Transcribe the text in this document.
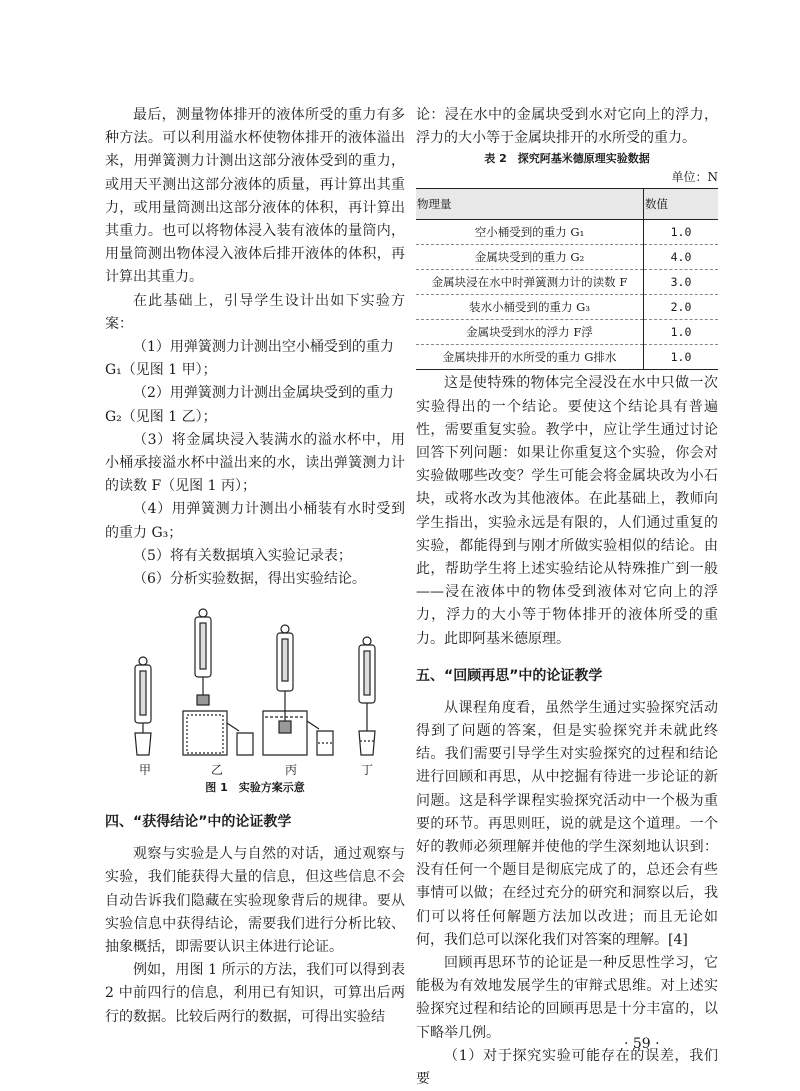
最后，测量物体排开的液体所受的重力有多种方法。可以利用溢水杯使物体排开的液体溢出来，用弹簧测力计测出这部分液体受到的重力，或用天平测出这部分液体的质量，再计算出其重力，或用量筒测出这部分液体的体积，再计算出其重力。也可以将物体浸入装有液体的量筒内，用量筒测出物体浸入液体后排开液体的体积，再计算出其重力。

在此基础上，引导学生设计出如下实验方案：

（1）用弹簧测力计测出空小桶受到的重力
G₁（见图 1 甲）；

（2）用弹簧测力计测出金属块受到的重力
G₂（见图 1 乙）；

（3）将金属块浸入装满水的溢水杯中，用小桶承接溢水杯中溢出来的水，读出弹簧测力计的读数 F（见图 1 丙）；

（4）用弹簧测力计测出小桶装有水时受到的重力 G₃；

（5）将有关数据填入实验记录表；

（6）分析实验数据，得出实验结论。

甲	乙	丙	丁
图 1　实验方案示意
四、“获得结论”中的论证教学

观察与实验是人与自然的对话，通过观察与实验，我们能获得大量的信息，但这些信息不会自动告诉我们隐藏在实验现象背后的规律。要从实验信息中获得结论，需要我们进行分析比较、抽象概括，即需要认识主体进行论证。

例如，用图 1 所示的方法，我们可以得到表 2 中前四行的信息，利用已有知识，可算出后两行的数据。比较后两行的数据，可得出实验结

论：浸在水中的金属块受到水对它向上的浮力，浮力的大小等于金属块排开的水所受的重力。

表 2　探究阿基米德原理实验数据
单位：N
物理量	数值
空小桶受到的重力 G₁	1.0
金属块受到的重力 G₂	4.0
金属块浸在水中时弹簧测力计的读数 F	3.0
装水小桶受到的重力 G₃	2.0
金属块受到水的浮力 F浮	1.0
金属块排开的水所受的重力 G排水	1.0

这是使特殊的物体完全浸没在水中只做一次实验得出的一个结论。要使这个结论具有普遍性，需要重复实验。教学中，应让学生通过讨论回答下列问题：如果让你重复这个实验，你会对实验做哪些改变？学生可能会将金属块改为小石块，或将水改为其他液体。在此基础上，教师向学生指出，实验永远是有限的，人们通过重复的实验，都能得到与刚才所做实验相似的结论。由此，帮助学生将上述实验结论从特殊推广到一般——浸在液体中的物体受到液体对它向上的浮力，浮力的大小等于物体排开的液体所受的重力。此即阿基米德原理。

五、“回顾再思”中的论证教学

从课程角度看，虽然学生通过实验探究活动得到了问题的答案，但是实验探究并未就此终结。我们需要引导学生对实验探究的过程和结论进行回顾和再思，从中挖掘有待进一步论证的新问题。这是科学课程实验探究活动中一个极为重要的环节。再思则旺，说的就是这个道理。一个好的教师必须理解并使他的学生深刻地认识到：没有任何一个题目是彻底完成了的，总还会有些事情可以做；在经过充分的研究和洞察以后，我们可以将任何解题方法加以改进；而且无论如何，我们总可以深化我们对答案的理解。[4]

回顾再思环节的论证是一种反思性学习，它能极为有效地发展学生的审辩式思维。对上述实验探究过程和结论的回顾再思是十分丰富的，以下略举几例。

（1）对于探究实验可能存在的误差，我们要

· 59 ·
